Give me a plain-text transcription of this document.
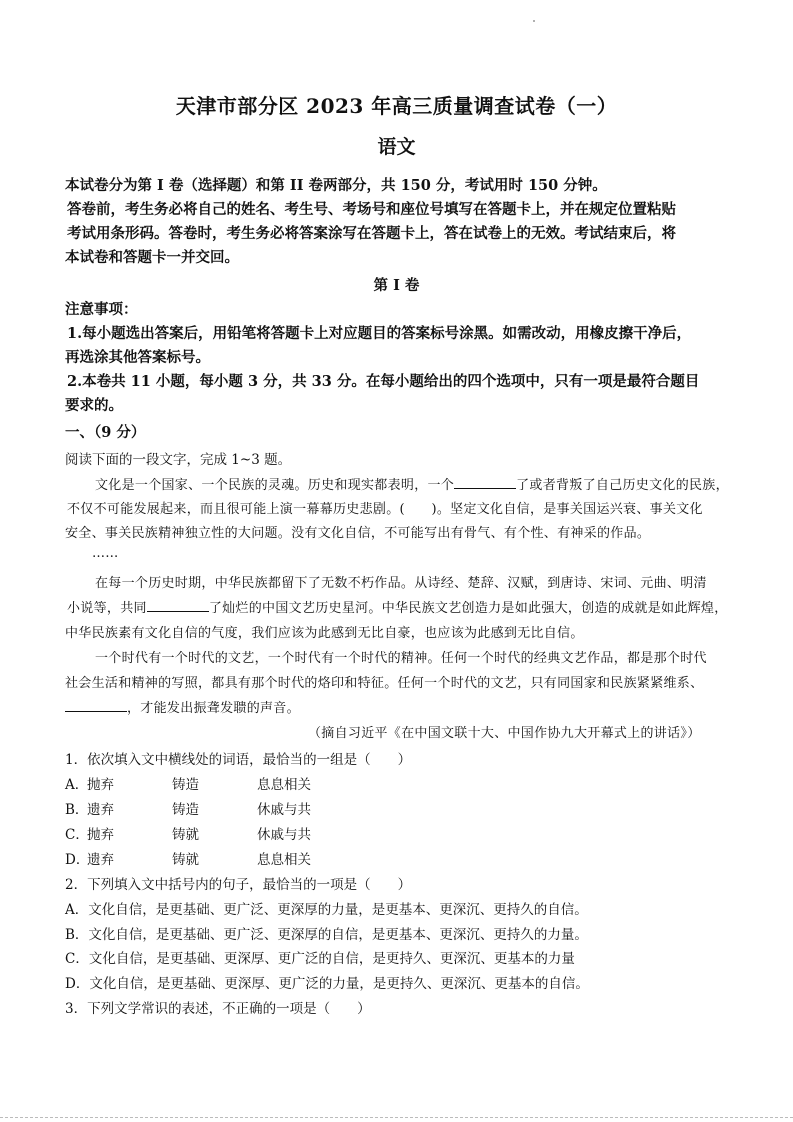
天津市部分区 2023 年高三质量调查试卷（一）
语文
本试卷分为第 I 卷（选择题）和第 II 卷两部分，共 150 分，考试用时 150 分钟。
答卷前，考生务必将自己的姓名、考生号、考场号和座位号填写在答题卡上，并在规定位置粘贴
考试用条形码。答卷时，考生务必将答案涂写在答题卡上，答在试卷上的无效。考试结束后，将
本试卷和答题卡一并交回。
第 I 卷
注意事项：
1.每小题选出答案后，用铅笔将答题卡上对应题目的答案标号涂黑。如需改动，用橡皮擦干净后，
再选涂其他答案标号。
2.本卷共 11 小题，每小题 3 分，共 33 分。在每小题给出的四个选项中，只有一项是最符合题目
要求的。
一、（9 分）
阅读下面的一段文字，完成 1~3 题。
文化是一个国家、一个民族的灵魂。历史和现实都表明，一个	了或者背叛了自己历史文化的民族，
不仅不可能发展起来，而且很可能上演一幕幕历史悲剧。(　　)。坚定文化自信，是事关国运兴衰、事关文化
安全、事关民族精神独立性的大问题。没有文化自信，不可能写出有骨气、有个性、有神采的作品。
……
在每一个历史时期，中华民族都留下了无数不朽作品。从诗经、楚辞、汉赋，到唐诗、宋词、元曲、明清
小说等，共同	了灿烂的中国文艺历史星河。中华民族文艺创造力是如此强大，创造的成就是如此辉煌，
中华民族素有文化自信的气度，我们应该为此感到无比自豪，也应该为此感到无比自信。
一个时代有一个时代的文艺，一个时代有一个时代的精神。任何一个时代的经典文艺作品，都是那个时代
社会生活和精神的写照，都具有那个时代的烙印和特征。任何一个时代的文艺，只有同国家和民族紧紧维系、
，才能发出振聋发聩的声音。
（摘自习近平《在中国文联十大、中国作协九大开幕式上的讲话》）
1．依次填入文中横线处的词语，最恰当的一组是（　　）
A．
抛弃	铸造	息息相关
B．
遗弃	铸造	休戚与共
C．
抛弃	铸就	休戚与共
D．
遗弃	铸就	息息相关
2．下列填入文中括号内的句子，最恰当的一项是（　　）
A．文化自信，是更基础、更广泛、更深厚的力量，是更基本、更深沉、更持久的自信。
B．文化自信，是更基础、更广泛、更深厚的自信，是更基本、更深沉、更持久的力量。
C．文化自信，是更基础、更深厚、更广泛的自信，是更持久、更深沉、更基本的力量
D．文化自信，是更基础、更深厚、更广泛的力量，是更持久、更深沉、更基本的自信。
3．下列文学常识的表述，不正确的一项是（　　）
